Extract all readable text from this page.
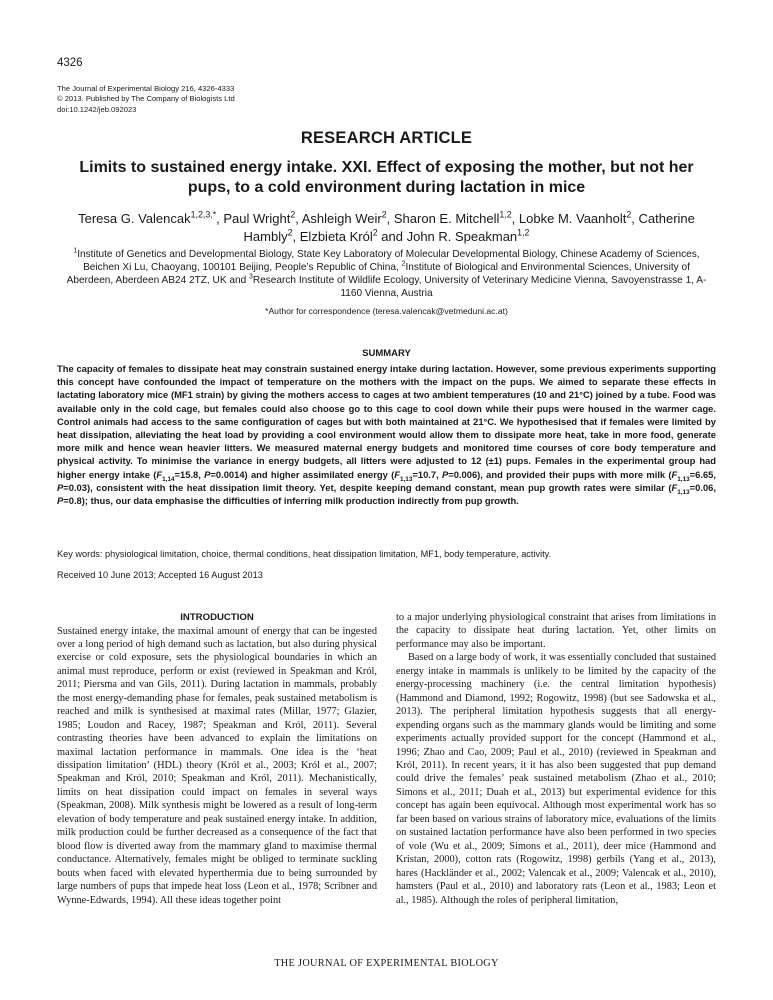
4326
The Journal of Experimental Biology 216, 4326-4333
© 2013. Published by The Company of Biologists Ltd
doi:10.1242/jeb.092023
RESEARCH ARTICLE
Limits to sustained energy intake. XXI. Effect of exposing the mother, but not her pups, to a cold environment during lactation in mice
Teresa G. Valencak$^{1,2,3,*}$, Paul Wright$^2$, Ashleigh Weir$^2$, Sharon E. Mitchell$^{1,2}$, Lobke M. Vaanholt$^2$, Catherine Hambly$^2$, Elzbieta Król$^2$ and John R. Speakman$^{1,2}$
$^1$Institute of Genetics and Developmental Biology, State Key Laboratory of Molecular Developmental Biology, Chinese Academy of Sciences, Beichen Xi Lu, Chaoyang, 100101 Beijing, People’s Republic of China, $^2$Institute of Biological and Environmental Sciences, University of Aberdeen, Aberdeen AB24 2TZ, UK and $^3$Research Institute of Wildlife Ecology, University of Veterinary Medicine Vienna, Savoyenstrasse 1, A-1160 Vienna, Austria
*Author for correspondence (teresa.valencak@vetmeduni.ac.at)
SUMMARY
The capacity of females to dissipate heat may constrain sustained energy intake during lactation. However, some previous experiments supporting this concept have confounded the impact of temperature on the mothers with the impact on the pups. We aimed to separate these effects in lactating laboratory mice (MF1 strain) by giving the mothers access to cages at two ambient temperatures (10 and 21°C) joined by a tube. Food was available only in the cold cage, but females could also choose go to this cage to cool down while their pups were housed in the warmer cage. Control animals had access to the same configuration of cages but with both maintained at 21°C. We hypothesised that if females were limited by heat dissipation, alleviating the heat load by providing a cool environment would allow them to dissipate more heat, take in more food, generate more milk and hence wean heavier litters. We measured maternal energy budgets and monitored time courses of core body temperature and physical activity. To minimise the variance in energy budgets, all litters were adjusted to 12 (±1) pups. Females in the experimental group had higher energy intake ($F_{1,14}=15.8$, P=0.0014) and higher assimilated energy ($F_{1,13}=10.7$, P=0.006), and provided their pups with more milk ($F_{1,13}=6.65$, P=0.03), consistent with the heat dissipation limit theory. Yet, despite keeping demand constant, mean pup growth rates were similar ($F_{1,13}=0.06$, P=0.8); thus, our data emphasise the difficulties of inferring milk production indirectly from pup growth.
Key words: physiological limitation, choice, thermal conditions, heat dissipation limitation, MF1, body temperature, activity.
Received 10 June 2013; Accepted 16 August 2013
INTRODUCTION

Sustained energy intake, the maximal amount of energy that can be ingested over a long period of high demand such as lactation, but also during physical exercise or cold exposure, sets the physiological boundaries in which an animal must reproduce, perform or exist (reviewed in Speakman and Król, 2011; Piersma and van Gils, 2011). During lactation in mammals, probably the most energy-demanding phase for females, peak sustained metabolism is reached and milk is synthesised at maximal rates (Millar, 1977; Glazier, 1985; Loudon and Racey, 1987; Speakman and Król, 2011). Several contrasting theories have been advanced to explain the limitations on maximal lactation performance in mammals. One idea is the ‘heat dissipation limitation’ (HDL) theory (Król et al., 2003; Król et al., 2007; Speakman and Król, 2010; Speakman and Król, 2011). Mechanistically, limits on heat dissipation could impact on females in several ways (Speakman, 2008). Milk synthesis might be lowered as a result of long-term elevation of body temperature and peak sustained energy intake. In addition, milk production could be further decreased as a consequence of the fact that blood flow is diverted away from the mammary gland to maximise thermal conductance. Alternatively, females might be obliged to terminate suckling bouts when faced with elevated hyperthermia due to being surrounded by large numbers of pups that impede heat loss (Leon et al., 1978; Scribner and Wynne-Edwards, 1994). All these ideas together point

to a major underlying physiological constraint that arises from limitations in the capacity to dissipate heat during lactation. Yet, other limits on performance may also be important.

Based on a large body of work, it was essentially concluded that sustained energy intake in mammals is unlikely to be limited by the capacity of the energy-processing machinery (i.e. the central limitation hypothesis) (Hammond and Diamond, 1992; Rogowitz, 1998) (but see Sadowska et al., 2013). The peripheral limitation hypothesis suggests that all energy-expending organs such as the mammary glands would be limiting and some experiments actually provided support for the concept (Hammond et al., 1996; Zhao and Cao, 2009; Paul et al., 2010) (reviewed in Speakman and Król, 2011). In recent years, it it has also been suggested that pup demand could drive the females’ peak sustained metabolism (Zhao et al., 2010; Simons et al., 2011; Duah et al., 2013) but experimental evidence for this concept has again been equivocal. Although most experimental work has so far been based on various strains of laboratory mice, evaluations of the limits on sustained lactation performance have also been performed in two species of vole (Wu et al., 2009; Simons et al., 2011), deer mice (Hammond and Kristan, 2000), cotton rats (Rogowitz, 1998) gerbils (Yang et al., 2013), hares (Hackländer et al., 2002; Valencak et al., 2009; Valencak et al., 2010), hamsters (Paul et al., 2010) and laboratory rats (Leon et al., 1983; Leon et al., 1985). Although the roles of peripheral limitation,

THE JOURNAL OF EXPERIMENTAL BIOLOGY
